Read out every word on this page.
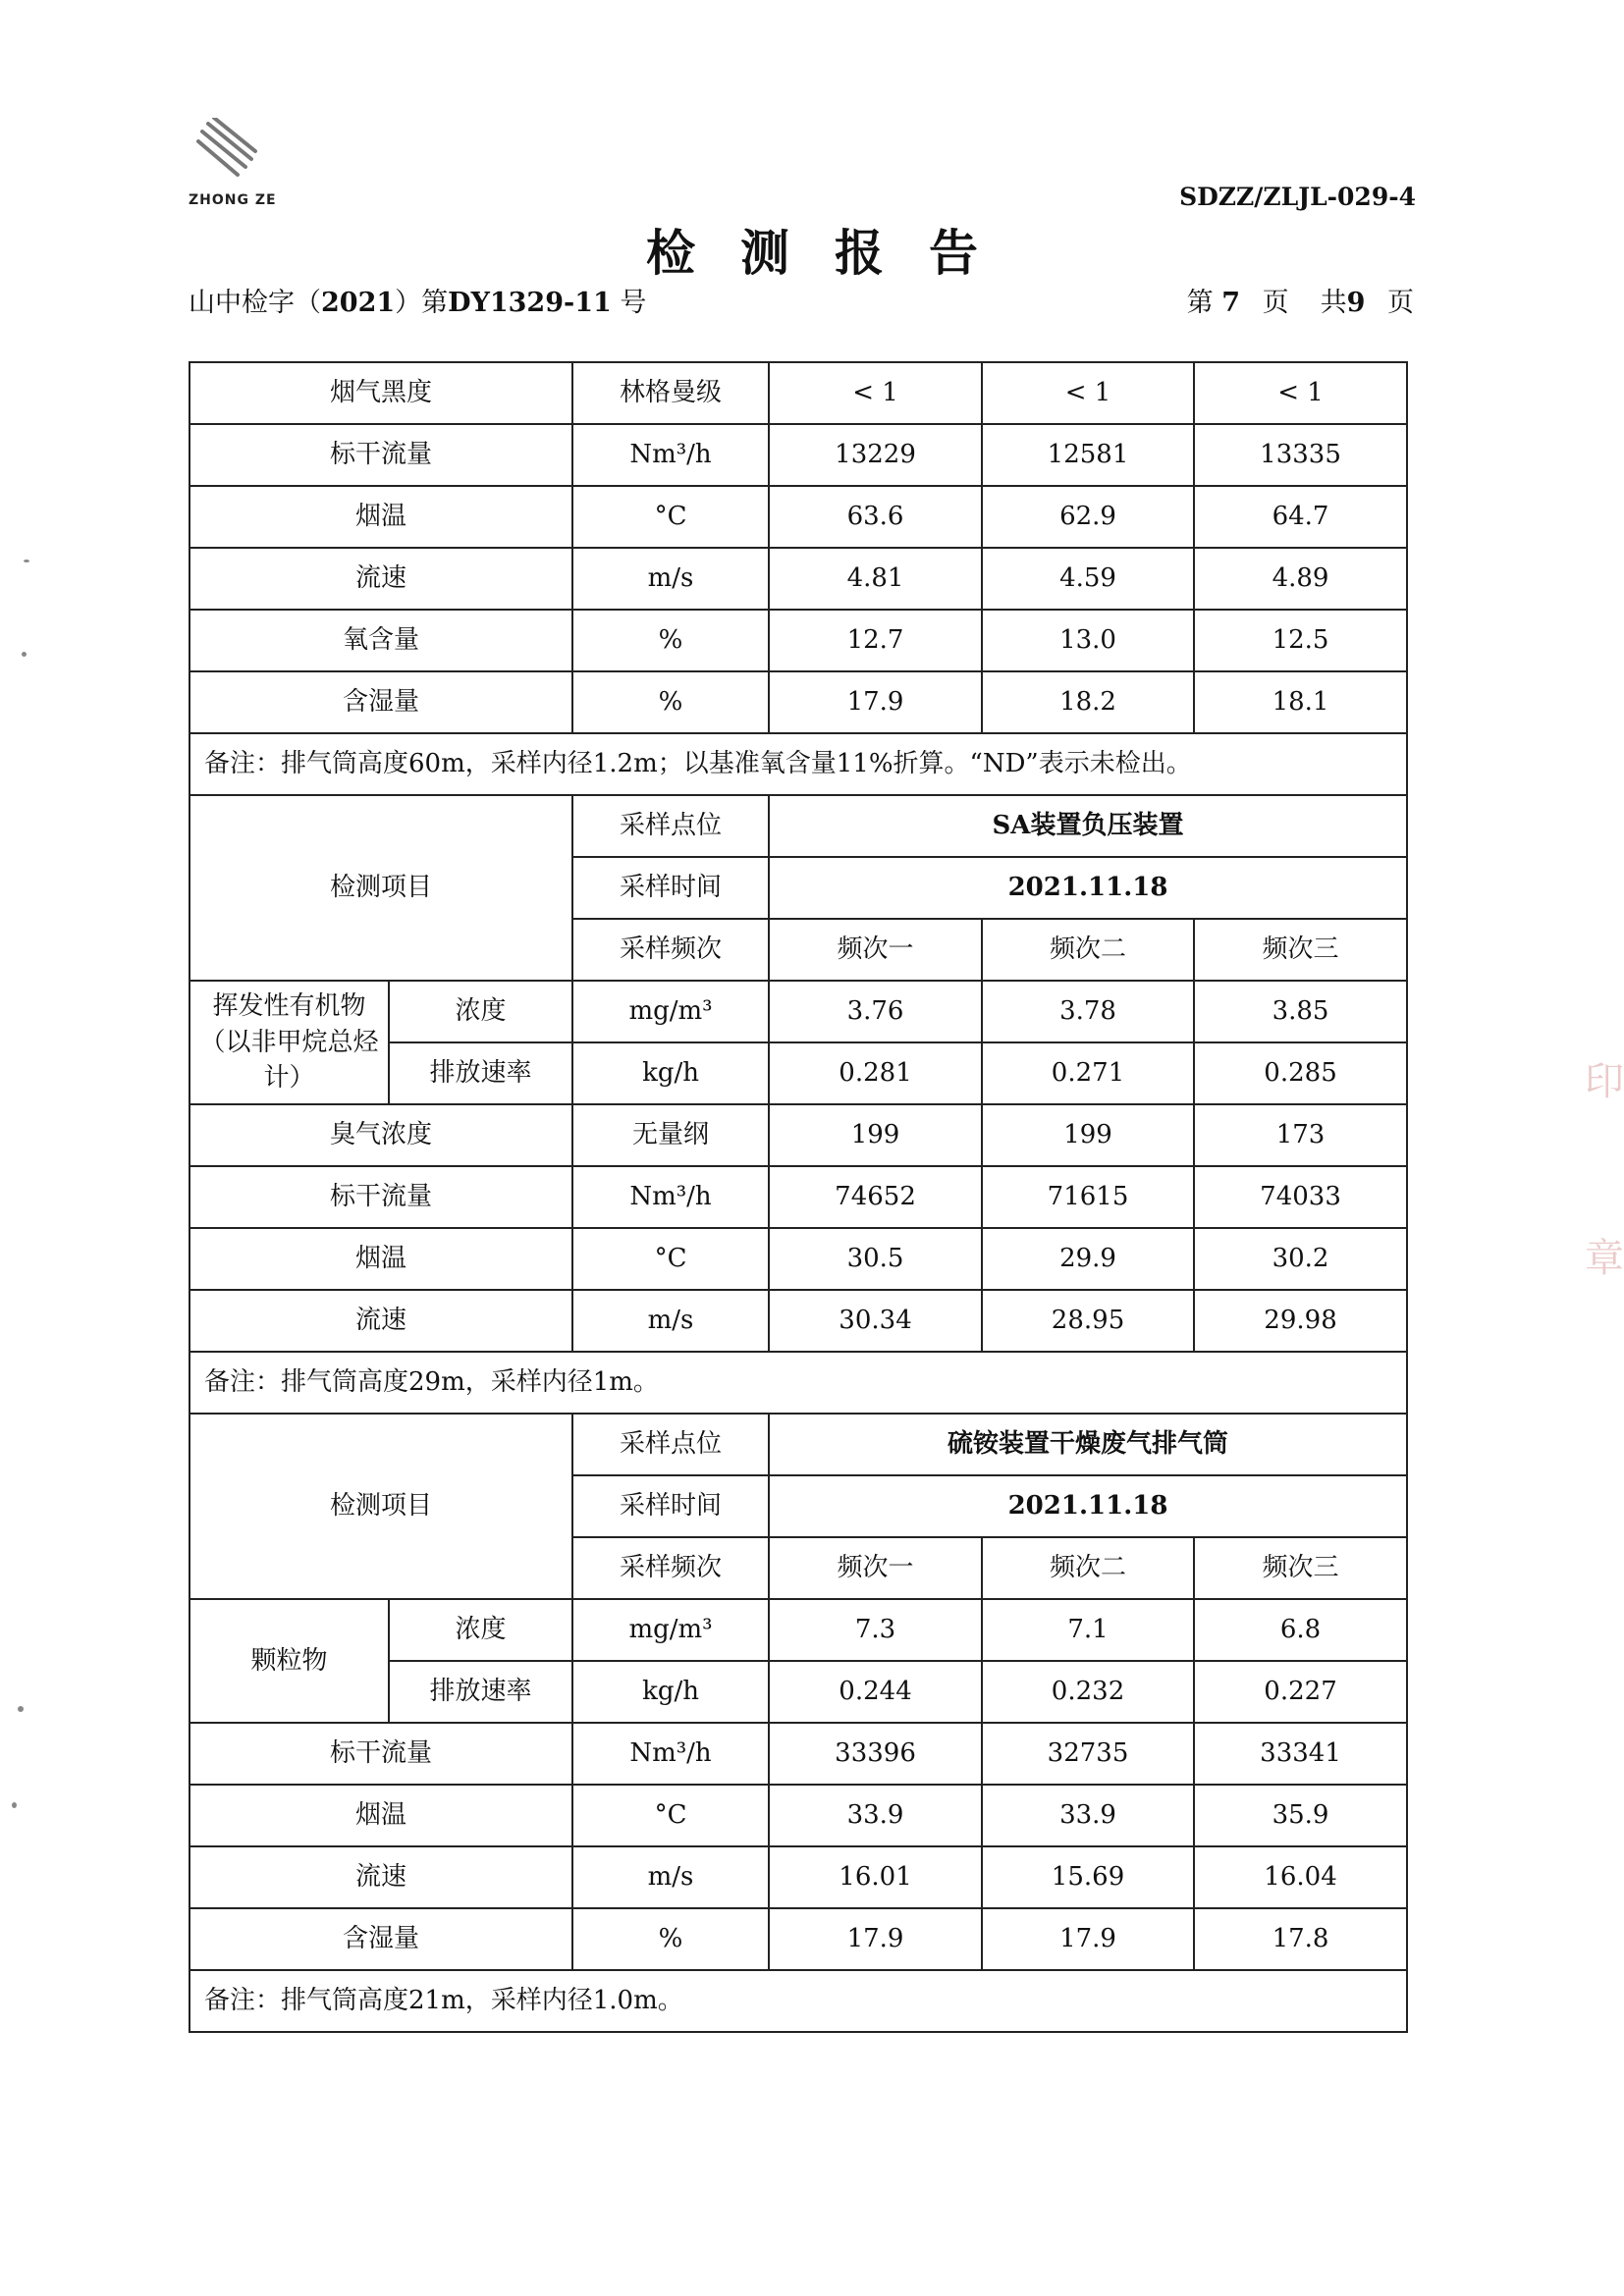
ZHONG ZE	SDZZ/ZLJL-029-4
检测报告
山中检字（2021）第DY1329-11 号	第 7 页 共9 页
烟气黑度		林格曼级	< 1	< 1	< 1
标干流量		Nm³/h	13229	12581	13335
烟温		°C	63.6	62.9	64.7
流速		m/s	4.81	4.59	4.89
氧含量		%	12.7	13.0	12.5
含湿量		%	17.9	18.2	18.1
备注：排气筒高度60m，采样内径1.2m；以基准氧含量11%折算。“ND”表示未检出。					
检测项目		采样点位	SA装置负压装置		
		采样时间	2021.11.18		
		采样频次	频次一	频次二	频次三
挥发性有机物（以非甲烷总烃计）	浓度	mg/m³	3.76	3.78	3.85
	排放速率	kg/h	0.281	0.271	0.285
臭气浓度		无量纲	199	199	173
标干流量		Nm³/h	74652	71615	74033
烟温		°C	30.5	29.9	30.2
流速		m/s	30.34	28.95	29.98
备注：排气筒高度29m，采样内径1m。					
检测项目		采样点位	硫铵装置干燥废气排气筒		
		采样时间	2021.11.18		
		采样频次	频次一	频次二	频次三
颗粒物	浓度	mg/m³	7.3	7.1	6.8
	排放速率	kg/h	0.244	0.232	0.227
标干流量		Nm³/h	33396	32735	33341
烟温		°C	33.9	33.9	35.9
流速		m/s	16.01	15.69	16.04
含湿量		%	17.9	17.9	17.8
备注：排气筒高度21m，采样内径1.0m。					
印
章
